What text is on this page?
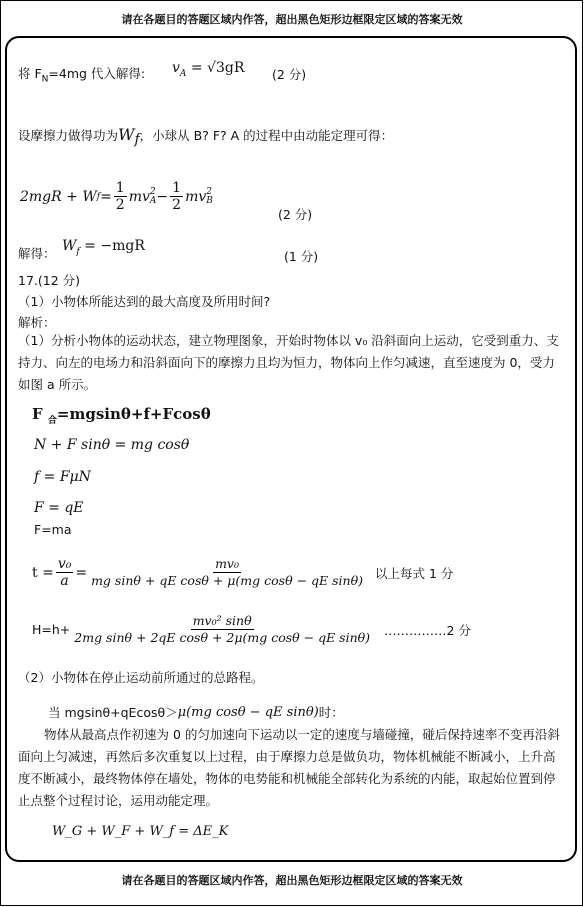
请在各题目的答题区域内作答，超出黑色矩形边框限定区域的答案无效
将 $F_N=4mg$ 代入解得: $v_A = √3gR$ (2 分)
设摩擦力做得功为$W_f$，小球从 B? F? A 的过程中由动能定理可得：
2mgR + W $f = \frac{1}{2}$ mv 2
$A - \frac{1}{2}$ mv 2
B
(2 分)
解得： $W_f = -mgR$
(1 分)
17.(12 分)
（1）小物体所能达到的最大高度及所用时间?
解析：
（1）分析小物体的运动状态，建立物理图象，开始时物体以 v₀ 沿斜面向上运动，它受到重力、支持力、向左的电场力和沿斜面向下的摩擦力且均为恒力，物体向上作匀减速，直至速度为 0，受力如图 a 所示。
F $_合$=mgsinθ+f+Fcosθ
N + F sinθ = mg cosθ
f = FμN
F = qE
F=ma
$t = \frac{\text{v₀}}{a} = \frac{\text{mv₀}}{\text{mg sinθ + qE cosθ + μ(mg cosθ − qE sinθ)}}$ 以上每式 1 分
$H=h+ \frac{\text{mv₀² sinθ}}{\text{2mg sinθ + 2qE cosθ + 2μ(mg cosθ − qE sinθ)}}$ ……………2 分
（2）小物体在停止运动前所通过的总路程。
当 mgsinθ+qEcosθ＞ μ(mg cosθ − qE sinθ) 时：
物体从最高点作初速为 0 的匀加速向下运动以一定的速度与墙碰撞，碰后保持速率不变再沿斜面向上匀减速，再然后多次重复以上过程，由于摩擦力总是做负功，物体机械能不断减小，上升高度不断减小，最终物体停在墙处，物体的电势能和机械能全部转化为系统的内能，取起始位置到停止点整个过程讨论，运用动能定理。
W_G + W_F + W_f = ΔE_K
请在各题目的答题区域内作答，超出黑色矩形边框限定区域的答案无效
